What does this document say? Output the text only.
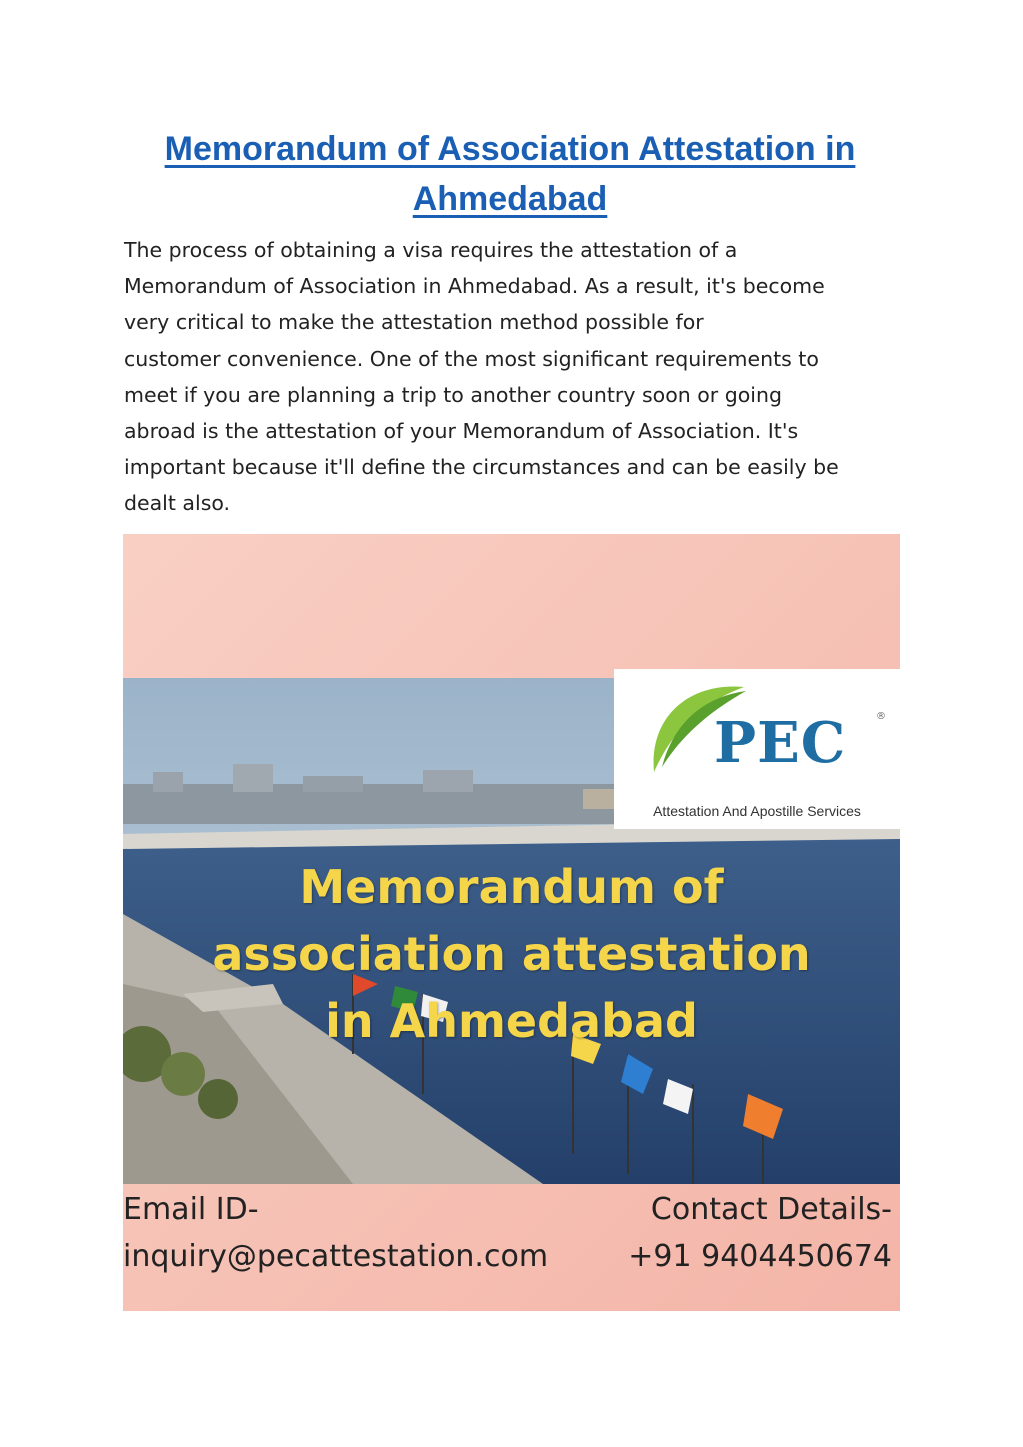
Memorandum of Association Attestation in Ahmedabad

The process of obtaining a visa requires the attestation of a
Memorandum of Association in Ahmedabad. As a result, it's become
very critical to make the attestation method possible for
customer convenience. One of the most significant requirements to
meet if you are planning a trip to another country soon or going
abroad is the attestation of your Memorandum of Association. It's
important because it'll define the circumstances and can be easily be
dealt also.

PEC	®
Attestation And Apostille Services
Memorandum of
association attestation
in Ahmedabad
Email ID-
inquiry@pecattestation.com
Contact Details-
+91 9404450674
